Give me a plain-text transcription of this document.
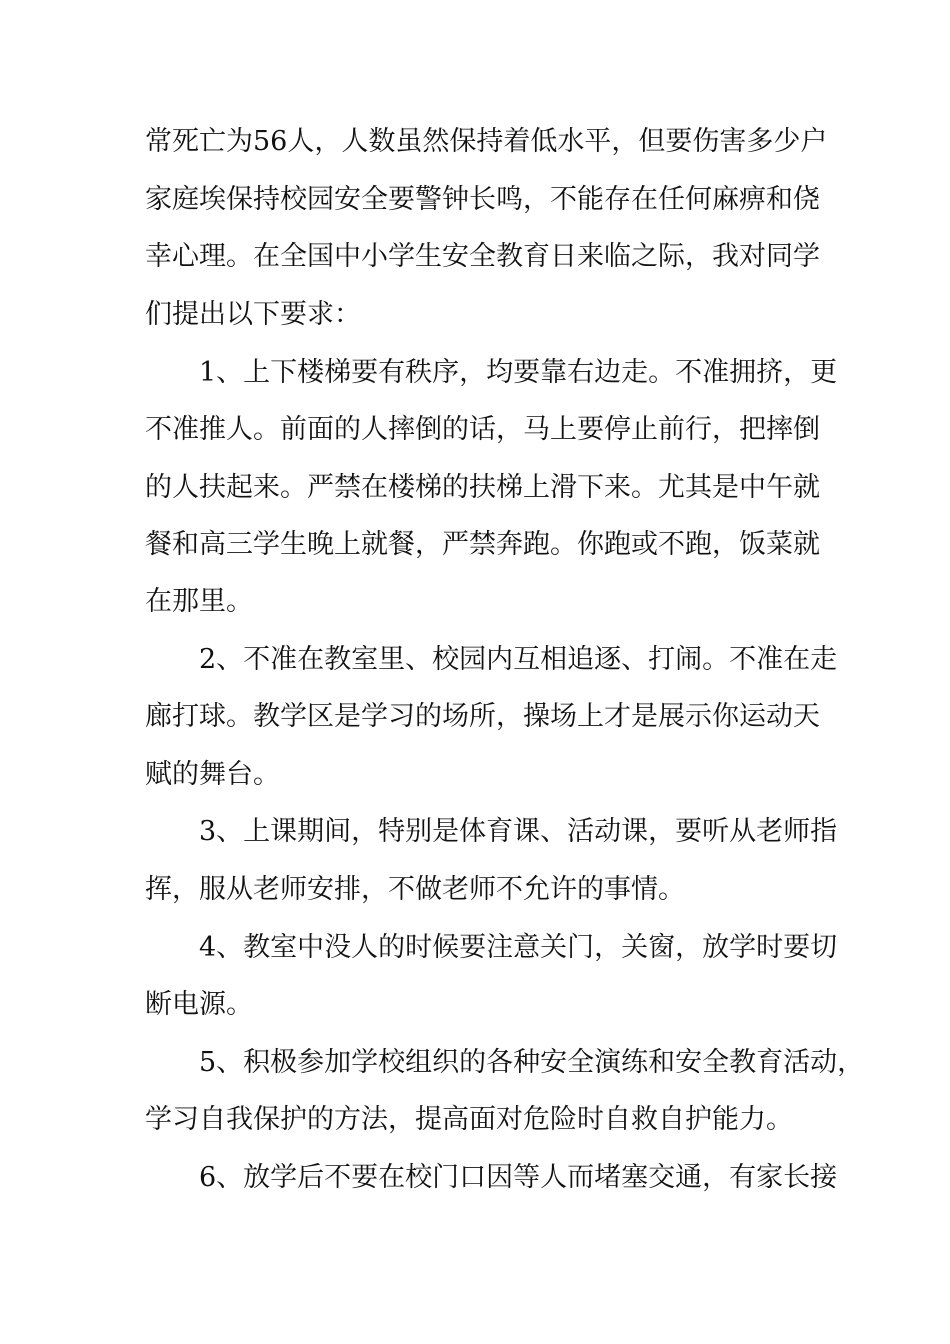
常死亡为56人，人数虽然保持着低水平，但要伤害多少户
家庭埃保持校园安全要警钟长鸣，不能存在任何麻痹和侥
幸心理。在全国中小学生安全教育日来临之际，我对同学
们提出以下要求：
1、上下楼梯要有秩序，均要靠右边走。不准拥挤，更
不准推人。前面的人摔倒的话，马上要停止前行，把摔倒
的人扶起来。严禁在楼梯的扶梯上滑下来。尤其是中午就
餐和高三学生晚上就餐，严禁奔跑。你跑或不跑，饭菜就
在那里。
2、不准在教室里、校园内互相追逐、打闹。不准在走
廊打球。教学区是学习的场所，操场上才是展示你运动天
赋的舞台。
3、上课期间，特别是体育课、活动课，要听从老师指
挥，服从老师安排，不做老师不允许的事情。
4、教室中没人的时候要注意关门，关窗，放学时要切
断电源。
5、积极参加学校组织的各种安全演练和安全教育活动，
学习自我保护的方法，提高面对危险时自救自护能力。
6、放学后不要在校门口因等人而堵塞交通，有家长接
